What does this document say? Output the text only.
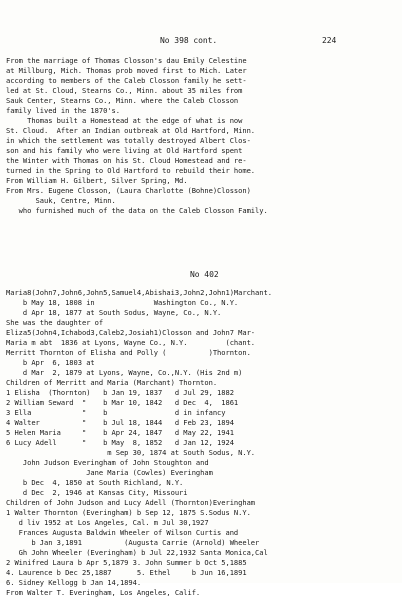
No 398 cont.	224
From the marriage of Thomas Closson's dau Emily Celestine
at Millburg, Mich. Thomas prob moved first to Mich. Later
according to members of the Caleb Closson family he sett-
led at St. Cloud, Stearns Co., Minn. about 35 miles from
Sauk Center, Stearns Co., Minn. where the Caleb Closson
family lived in the 1870's.
Thomas built a Homestead at the edge of what is now
St. Cloud.  After an Indian outbreak at Old Hartford, Minn.
in which the settlement was totally destroyed Albert Clos-
son and his family who were living at Old Hartford spent
the Winter with Thomas on his St. Cloud Homestead and re-
turned in the Spring to Old Hartford to rebuild their home.
From William H. Gilbert, Silver Spring, Md.
From Mrs. Eugene Closson, (Laura Charlotte (Bohne)Closson)
Sauk, Centre, Minn.
who furnished much of the data on the Caleb Closson Family.
No 402
Maria8(John7,John6,John5,Samuel4,Abishai3,John2,John1)Marchant.
b May 18, 1808 in              Washington Co., N.Y.
d Apr 18, 1877 at South Sodus, Wayne, Co., N.Y.
She was the daughter of
Eliza5(John4,Ichabod3,Caleb2,Josiah1)Closson and John7 Mar-
Maria m abt  1836 at Lyons, Wayne Co., N.Y.         (chant.
Merritt Thornton of Elisha and Polly (          )Thornton.
b Apr  6, 1803 at
d Mar  2, 1879 at Lyons, Wayne, Co.,N.Y. (His 2nd m)
Children of Merritt and Maria (Marchant) Thornton.
1 Elisha  (Thornton)   b Jan 19, 1837   d Jul 29, 1882
2 William Seward  "    b Mar 10, 1842   d Dec  4,  1861
3 Ella            "    b                d in infancy
4 Walter          "    b Jul 18, 1844   d Feb 23, 1894
5 Helen Maria     "    b Apr 24, 1847   d May 22, 1941
6 Lucy Adell      "    b May  8, 1852   d Jan 12, 1924
m Sep 30, 1874 at South Sodus, N.Y.
John Judson Everingham of John Stoughton and
Jane Maria (Cowles) Everingham
b Dec  4, 1850 at South Richland, N.Y.
d Dec  2, 1946 at Kansas City, Missouri
Children of John Judson and Lucy Adell (Thornton)Everingham
1 Walter Thornton (Everingham) b Sep 12, 1875 S.Sodus N.Y.
d liv 1952 at Los Angeles, Cal. m Jul 30,1927
Frances Augusta Baldwin Wheeler of Wilson Curtis and
b Jan 3,1891          (Augusta Carrie (Arnold) Wheeler
Gh John Wheeler (Everingham) b Jul 22,1932 Santa Monica,Cal
2 Winifred Laura b Apr 5,1879 3. John Summer b Oct 5,1885
4. Laurence b Dec 25,1887      5. Ethel     b Jun 16,1891
6. Sidney Kellogg b Jan 14,1894.
From Walter T. Everingham, Los Angeles, Calif.
